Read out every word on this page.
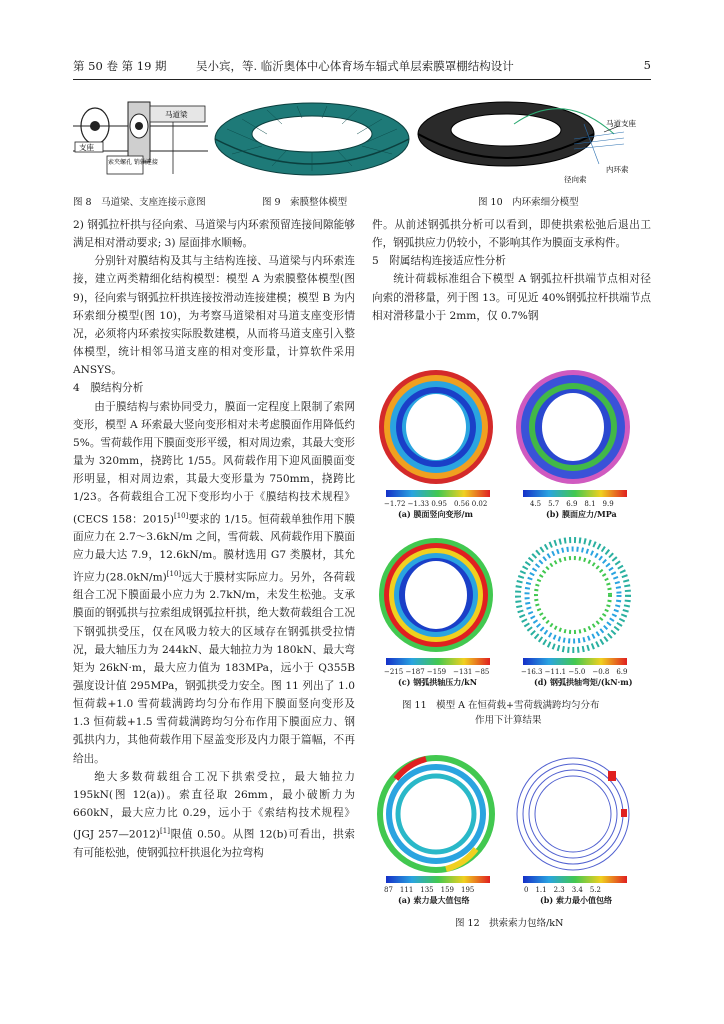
第 50 卷 第 19 期	吴小宾，等. 临沂奥体中心体育场车辐式单层索膜罩棚结构设计	5
马道梁
支座
索夹螺孔 销轴连接
马道支座
内环索
径向索
图 8　马道梁、支座连接示意图	图 9　索膜整体模型	图 10　内环索细分模型

2) 钢弧拉杆拱与径向索、马道梁与内环索预留连接间隙能够满足相对滑动要求; 3) 屋面排水顺畅。

分别针对膜结构及其与主结构连接、马道梁与内环索连接，建立两类精细化结构模型：模型 A 为索膜整体模型(图 9)，径向索与钢弧拉杆拱连接按滑动连接建模；模型 B 为内环索细分模型(图 10)，为考察马道梁相对马道支座变形情况，必须将内环索按实际股数建模，从而将马道支座引入整体模型，统计相邻马道支座的相对变形量，计算软件采用 ANSYS。

4　膜结构分析

由于膜结构与索协同受力，膜面一定程度上限制了索网变形，模型 A 环索最大竖向变形相对未考虑膜面作用降低约 5%。雪荷载作用下膜面变形平缓，相对周边索，其最大变形量为 320mm，挠跨比 1/55。风荷载作用下迎风面膜面变形明显，相对周边索，其最大变形量为 750mm，挠跨比 1/23。各荷载组合工况下变形均小于《膜结构技术规程》(CECS 158：2015)[10]要求的 1/15。恒荷载单独作用下膜面应力在 2.7～3.6kN/m 之间，雪荷载、风荷载作用下膜面应力最大达 7.9，12.6kN/m。膜材选用 G7 类膜材，其允许应力(28.0kN/m)[10]远大于膜材实际应力。另外，各荷载组合工况下膜面最小应力为 2.7kN/m，未发生松弛。支承膜面的钢弧拱与拉索组成钢弧拉杆拱，绝大数荷载组合工况下钢弧拱受压，仅在风吸力较大的区域存在钢弧拱受拉情况，最大轴压力为 244kN、最大轴拉力为 180kN、最大弯矩为 26kN·m，最大应力值为 183MPa，远小于 Q355B 强度设计值 295MPa，钢弧拱受力安全。图 11 列出了 1.0 恒荷载+1.0 雪荷载满跨均匀分布作用下膜面竖向变形及 1.3 恒荷载+1.5 雪荷载满跨均匀分布作用下膜面应力、钢弧拱内力，其他荷载作用下屋盖变形及内力限于篇幅，不再给出。

绝大多数荷载组合工况下拱索受拉，最大轴拉力 195kN(图 12(a))。索直径取 26mm，最小破断力为 660kN，最大应力比 0.29，远小于《索结构技术规程》(JGJ 257—2012)[1]限值 0.50。从图 12(b)可看出，拱索有可能松弛，使钢弧拉杆拱退化为拉弯构

件。从前述钢弧拱分析可以看到，即使拱索松弛后退出工作，钢弧拱应力仍较小，不影响其作为膜面支承构件。

5　附属结构连接适应性分析

统计荷载标准组合下模型 A 钢弧拉杆拱端节点相对径向索的滑移量，列于图 13。可见近 40%钢弧拉杆拱端节点相对滑移量小于 2mm，仅 0.7%钢

−1.72 −1.33 0.95　0.56 0.02	4.5　5.7　6.9　8.1　9.9
(a) 膜面竖向变形/m	(b) 膜面应力/MPa
−215 −187 −159　−131 −85	−16.3 −11.1 −5.0　−0.8　6.9
(c) 钢弧拱轴压力/kN	(d) 钢弧拱轴弯矩/(kN·m)
图 11　模型 A 在恒荷载+雪荷载满跨均匀分布
作用下计算结果
87　111　135　159　195	0　1.1　2.3　3.4　5.2
(a) 索力最大值包络	(b) 索力最小值包络
图 12　拱索索力包络/kN
